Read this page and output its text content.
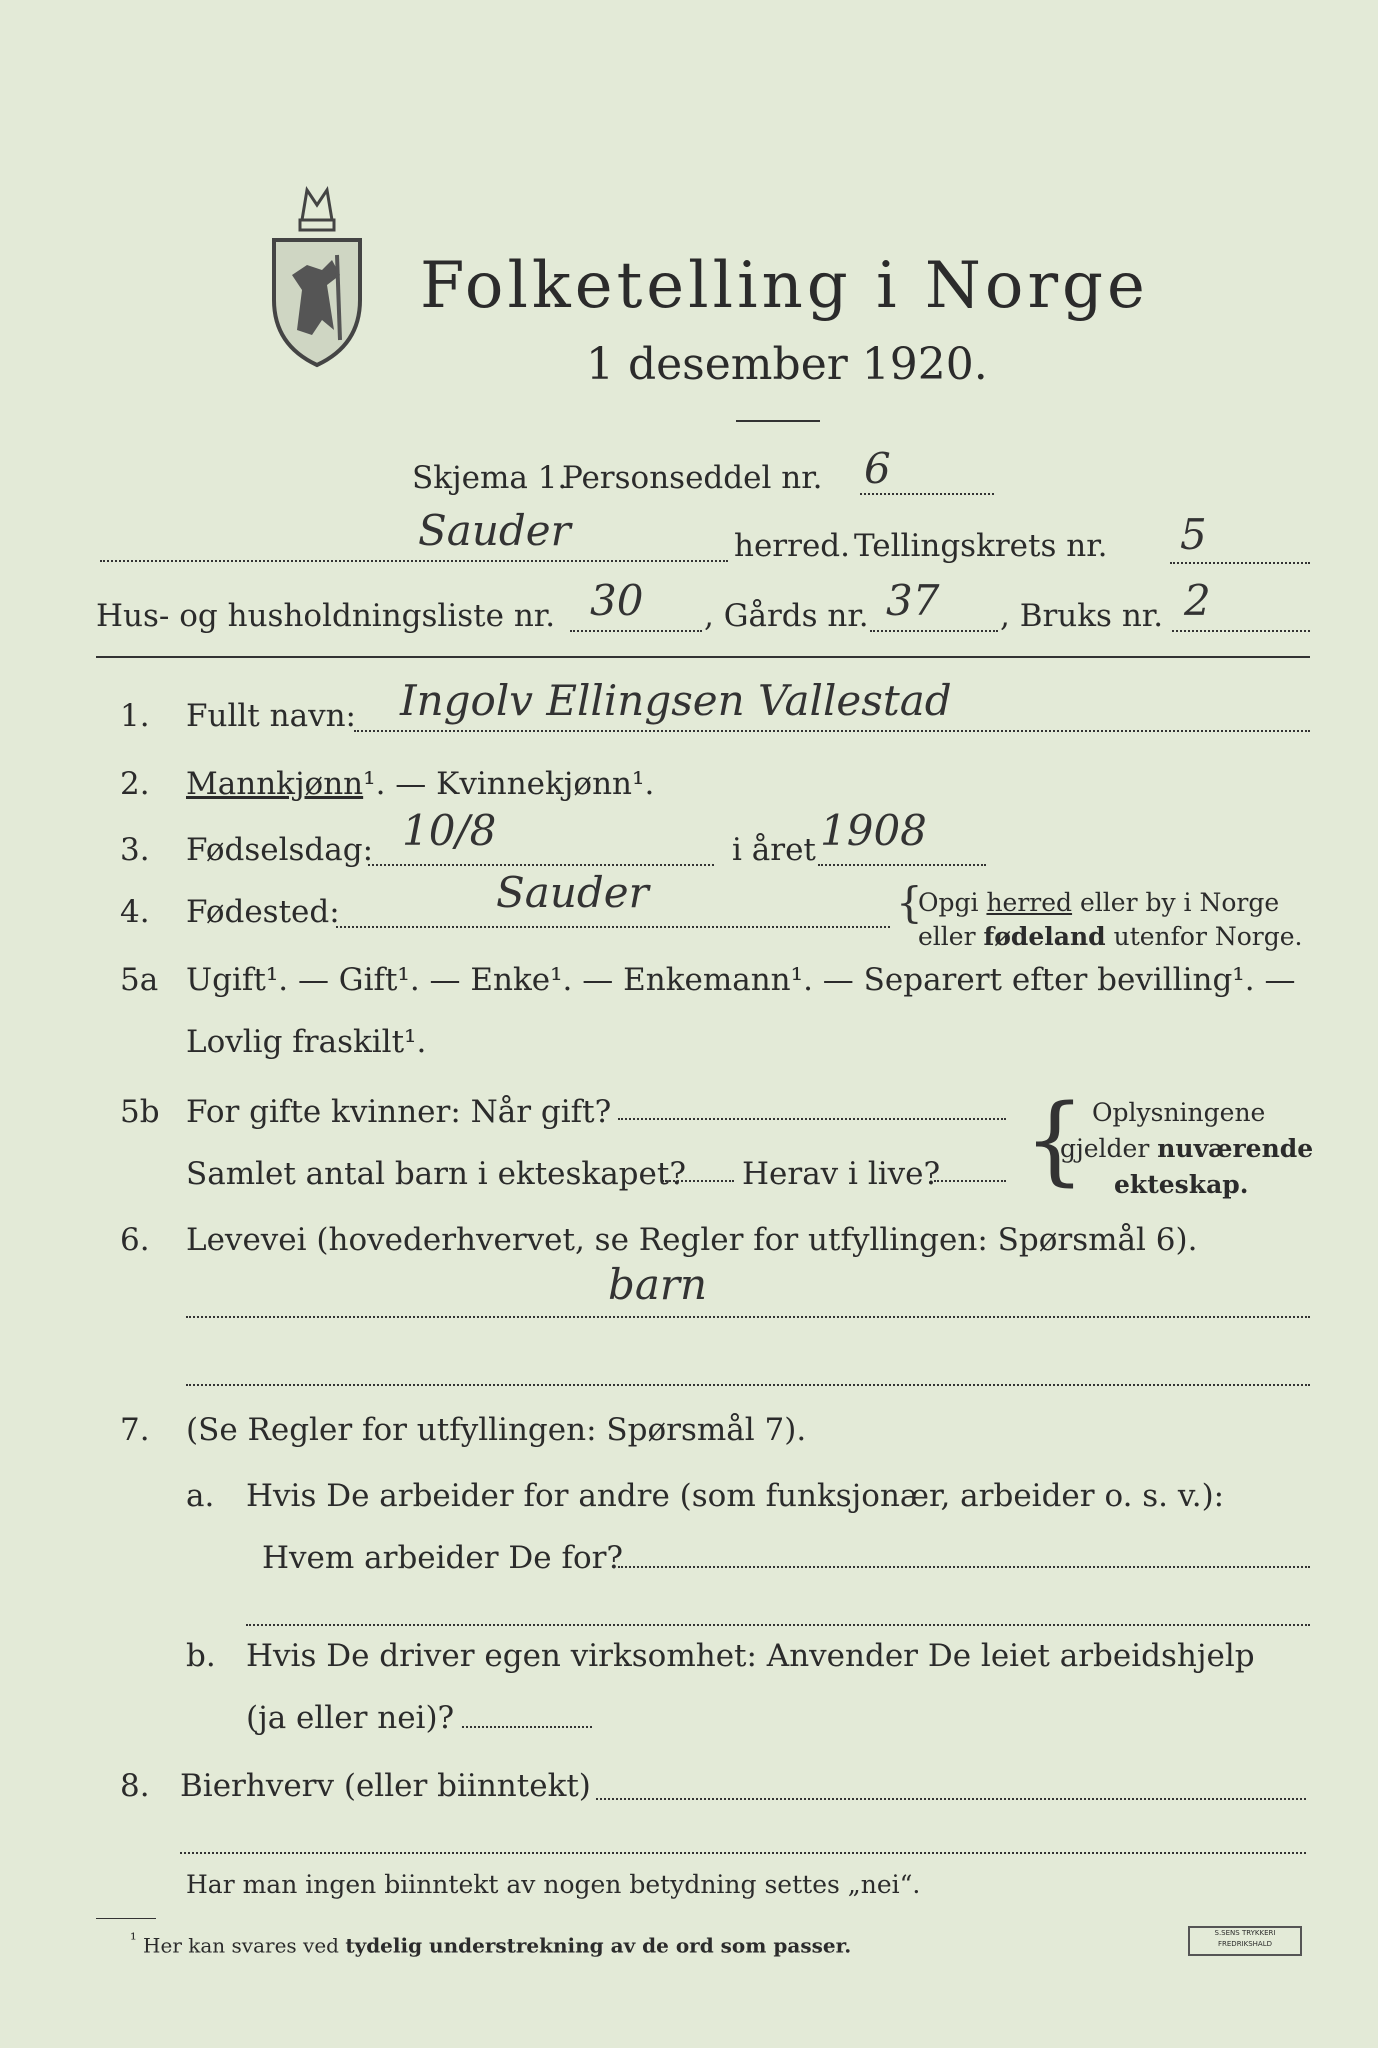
Folketelling i Norge
1 desember 1920.
Skjema 1.
Personseddel nr. 6
Sauder	herred. Tellingskrets nr. 5
Hus- og husholdningsliste nr. 30 , Gårds nr. 37 , Bruks nr. 2
1. Fullt navn: Ingolv Ellingsen Vallestad
2. Mannkjønn¹. — Kvinnekjønn¹.
3. Fødselsdag: 10/8	i året 1908
4. Fødested:	Sauder	{
Opgi herred eller by i Norge
eller fødeland utenfor Norge.
5a Ugift¹. — Gift¹. — Enke¹. — Enkemann¹. — Separert efter bevilling¹. —
Lovlig fraskilt¹.
5b For gifte kvinner: Når gift?
Samlet antal barn i ekteskapet? Herav i live? { Oplysningene
gjelder nuværende
ekteskap.
6. Levevei (hovederhvervet, se Regler for utfyllingen: Spørsmål 6).
barn
7. (Se Regler for utfyllingen: Spørsmål 7).
a. Hvis De arbeider for andre (som funksjonær, arbeider o. s. v.):
Hvem arbeider De for?
b. Hvis De driver egen virksomhet: Anvender De leiet arbeidshjelp
(ja eller nei)?
8. Bierhverv (eller biinntekt)
Har man ingen biinntekt av nogen betydning settes „nei“.
$^{^1}$ Her kan svares ved tydelig understrekning av de ord som passer.
S.SENS TRYKKERI
FREDRIKSHALD
